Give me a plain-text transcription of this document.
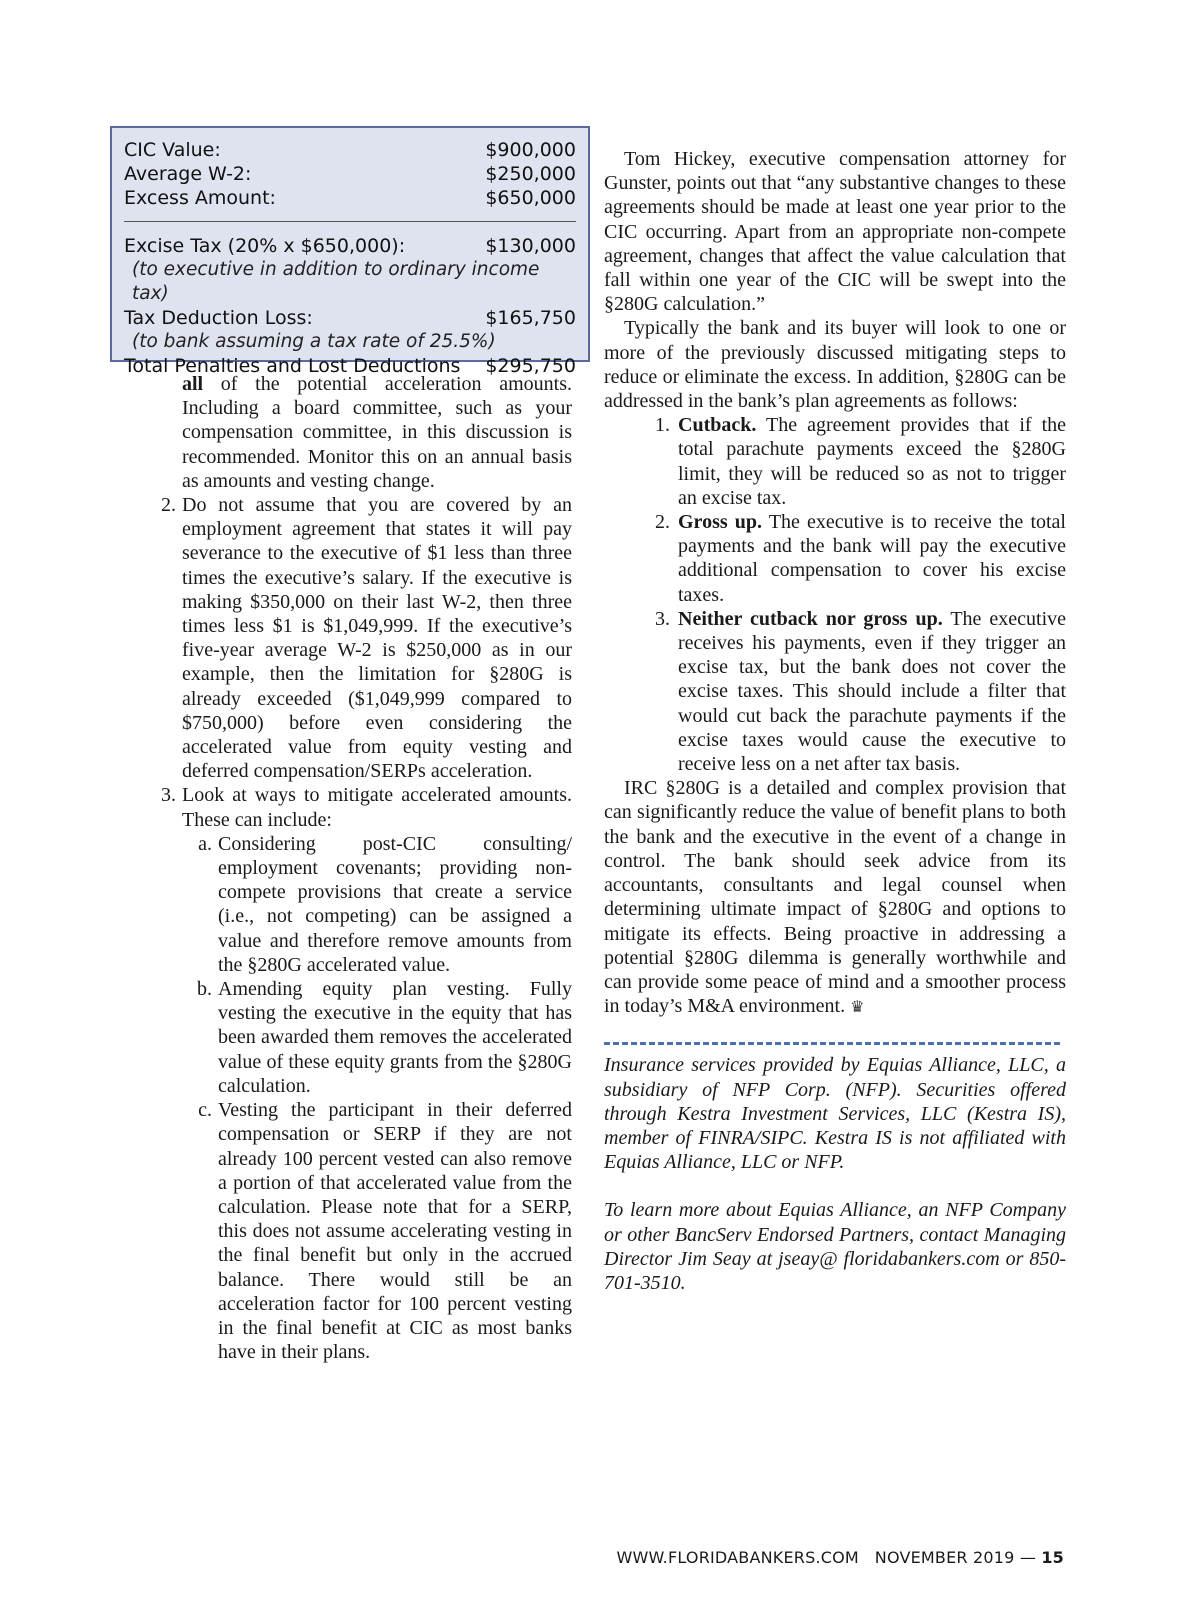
CIC Value:	$900,000
Average W-2:	$250,000
Excess Amount:	$650,000
Excise Tax (20% x $650,000):	$130,000
(to executive in addition to ordinary income tax)
Tax Deduction Loss:	$165,750
(to bank assuming a tax rate of 25.5%)
Total Penalties and Lost Deductions $295,750

all of the potential acceleration amounts. Including a board committee, such as your compensation committee, in this discussion is recommended. Monitor this on an annual basis as amounts and vesting change.

2. Do not assume that you are covered by an employment agreement that states it will pay severance to the executive of $1 less than three times the executive’s salary. If the executive is making $350,000 on their last W-2, then three times less $1 is $1,049,999. If the executive’s five-year average W-2 is $250,000 as in our example, then the limitation for §280G is already exceeded ($1,049,999 compared to $750,000) before even considering the accelerated value from equity vesting and deferred compensation/SERPs acceleration.

3. Look at ways to mitigate accelerated amounts. These can include:

a. Considering post-CIC consulting/ employment covenants; providing non-compete provisions that create a service (i.e., not competing) can be assigned a value and therefore remove amounts from the §280G accelerated value.

b. Amending equity plan vesting. Fully vesting the executive in the equity that has been awarded them removes the accelerated value of these equity grants from the §280G calculation.

c. Vesting the participant in their deferred compensation or SERP if they are not already 100 percent vested can also remove a portion of that accelerated value from the calculation. Please note that for a SERP, this does not assume accelerating vesting in the final benefit but only in the accrued balance. There would still be an acceleration factor for 100 percent vesting in the final benefit at CIC as most banks have in their plans.

Tom Hickey, executive compensation attorney for Gunster, points out that “any substantive changes to these agreements should be made at least one year prior to the CIC occurring. Apart from an appropriate non-compete agreement, changes that affect the value calculation that fall within one year of the CIC will be swept into the §280G calculation.”

Typically the bank and its buyer will look to one or more of the previously discussed mitigating steps to reduce or eliminate the excess. In addition, §280G can be addressed in the bank’s plan agreements as follows:

1. Cutback. The agreement provides that if the total parachute payments exceed the §280G limit, they will be reduced so as not to trigger an excise tax.

2. Gross up. The executive is to receive the total payments and the bank will pay the executive additional compensation to cover his excise taxes.

3. Neither cutback nor gross up. The executive receives his payments, even if they trigger an excise tax, but the bank does not cover the excise taxes. This should include a filter that would cut back the parachute payments if the excise taxes would cause the executive to receive less on a net after tax basis.

IRC §280G is a detailed and complex provision that can significantly reduce the value of benefit plans to both the bank and the executive in the event of a change in control. The bank should seek advice from its accountants, consultants and legal counsel when determining ultimate impact of §280G and options to mitigate its effects. Being proactive in addressing a potential §280G dilemma is generally worthwhile and can provide some peace of mind and a smoother process in today’s M&A environment. ♛

Insurance services provided by Equias Alliance, LLC, a subsidiary of NFP Corp. (NFP). Securities offered through Kestra Investment Services, LLC (Kestra IS), member of FINRA/SIPC. Kestra IS is not affiliated with Equias Alliance, LLC or NFP.

To learn more about Equias Alliance, an NFP Company or other BancServ Endorsed Partners, contact Managing Director Jim Seay at jseay@ floridabankers.com or 850-701-3510.

WWW.FLORIDABANKERS.COM NOVEMBER 2019 — 15
